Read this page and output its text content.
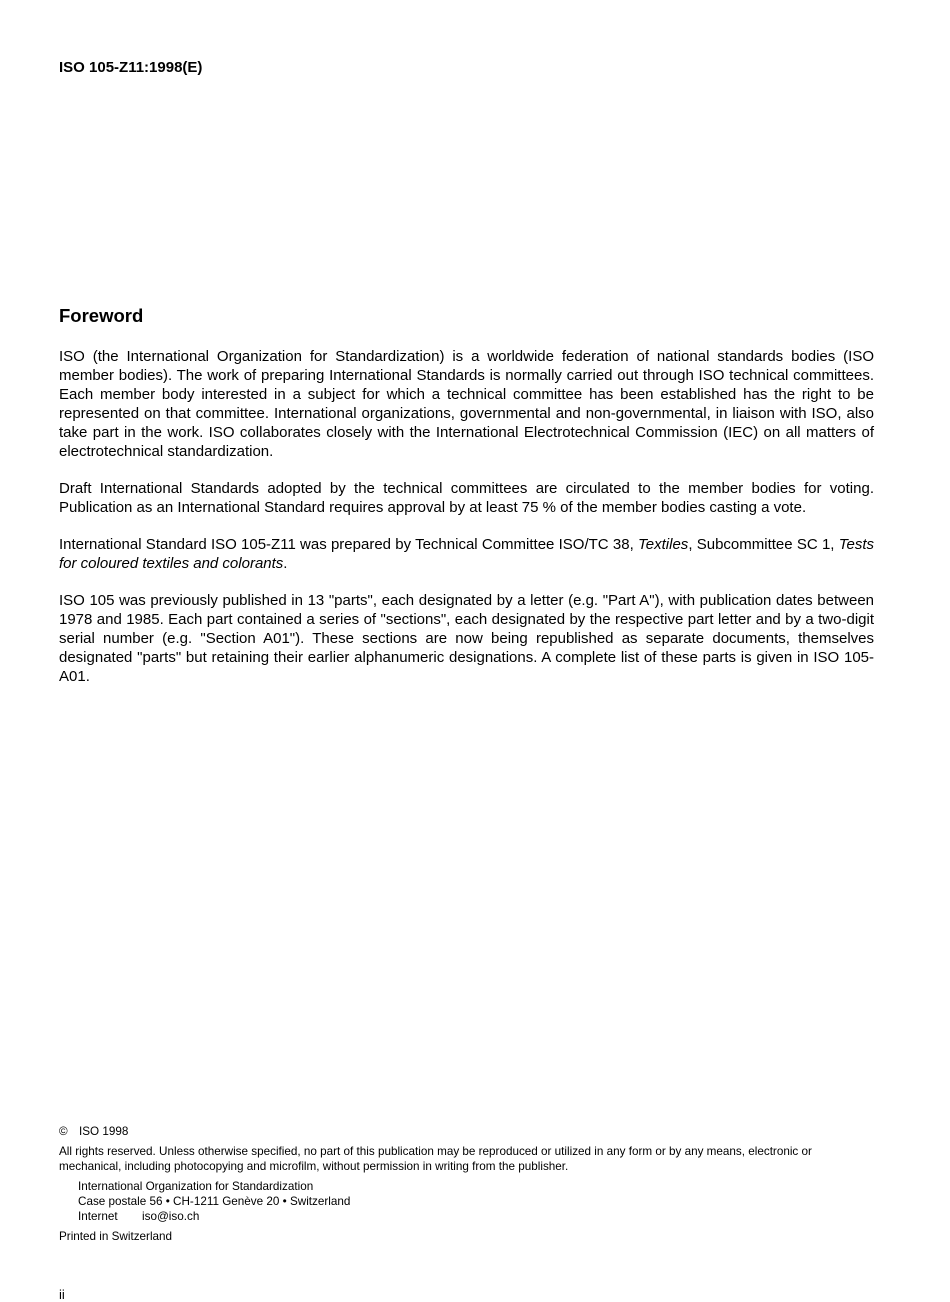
ISO 105-Z11:1998(E)
Foreword

ISO (the International Organization for Standardization) is a worldwide federation of national standards bodies (ISO member bodies). The work of preparing International Standards is normally carried out through ISO technical committees. Each member body interested in a subject for which a technical committee has been established has the right to be represented on that committee. International organizations, governmental and non-governmental, in liaison with ISO, also take part in the work. ISO collaborates closely with the International Electrotechnical Commission (IEC) on all matters of electrotechnical standardization.

Draft International Standards adopted by the technical committees are circulated to the member bodies for voting. Publication as an International Standard requires approval by at least 75 % of the member bodies casting a vote.

International Standard ISO 105-Z11 was prepared by Technical Committee ISO/TC 38, Textiles, Subcommittee SC 1, Tests for coloured textiles and colorants.

ISO 105 was previously published in 13 "parts", each designated by a letter (e.g. "Part A"), with publication dates between 1978 and 1985. Each part contained a series of "sections", each designated by the respective part letter and by a two-digit serial number (e.g. "Section A01"). These sections are now being republished as separate documents, themselves designated "parts" but retaining their earlier alphanumeric designations. A complete list of these parts is given in ISO 105-A01.

© ISO 1998
All rights reserved. Unless otherwise specified, no part of this publication may be reproduced or utilized in any form or by any means, electronic or mechanical, including photocopying and microfilm, without permission in writing from the publisher.
International Organization for Standardization
Case postale 56 • CH-1211 Genève 20 • Switzerland
Internet iso@iso.ch
Printed in Switzerland
ii
